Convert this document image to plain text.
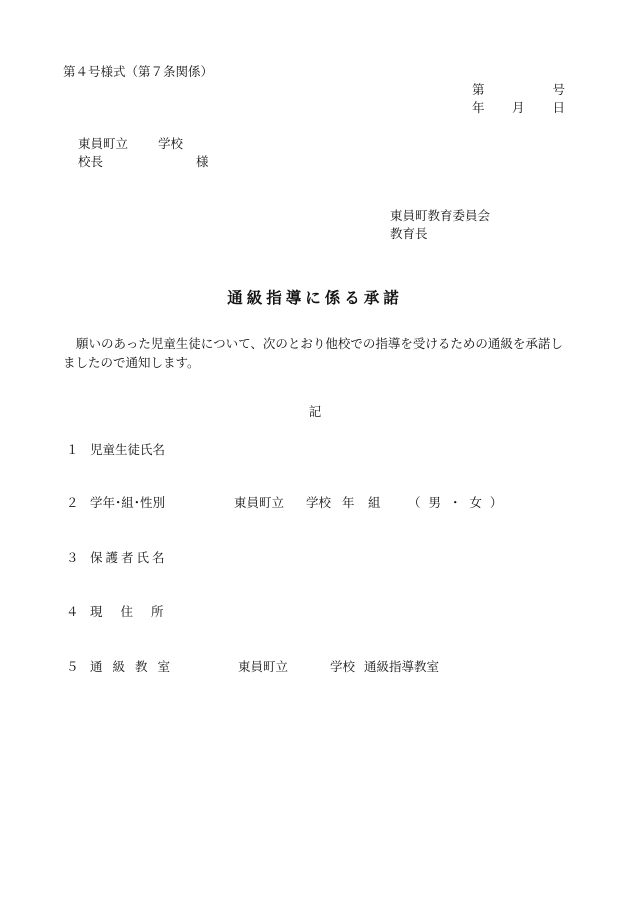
第４号様式（第７条関係）
第	号
年 月 日
東員町立 学校
校長	様
東員町教育委員会
教育長
通級指導に係る承諾
願いのあった児童生徒について、次のとおり他校での指導を受けるための通級を承諾しましたので通知します。
記
１ 児童生徒氏名
２ 学年･組･性別	東員町立 学校 年 組 （ 男 ・ 女 ）
３ 保護者氏名
４ 現住所
５ 通級教室	東員町立	学校 通級指導教室
